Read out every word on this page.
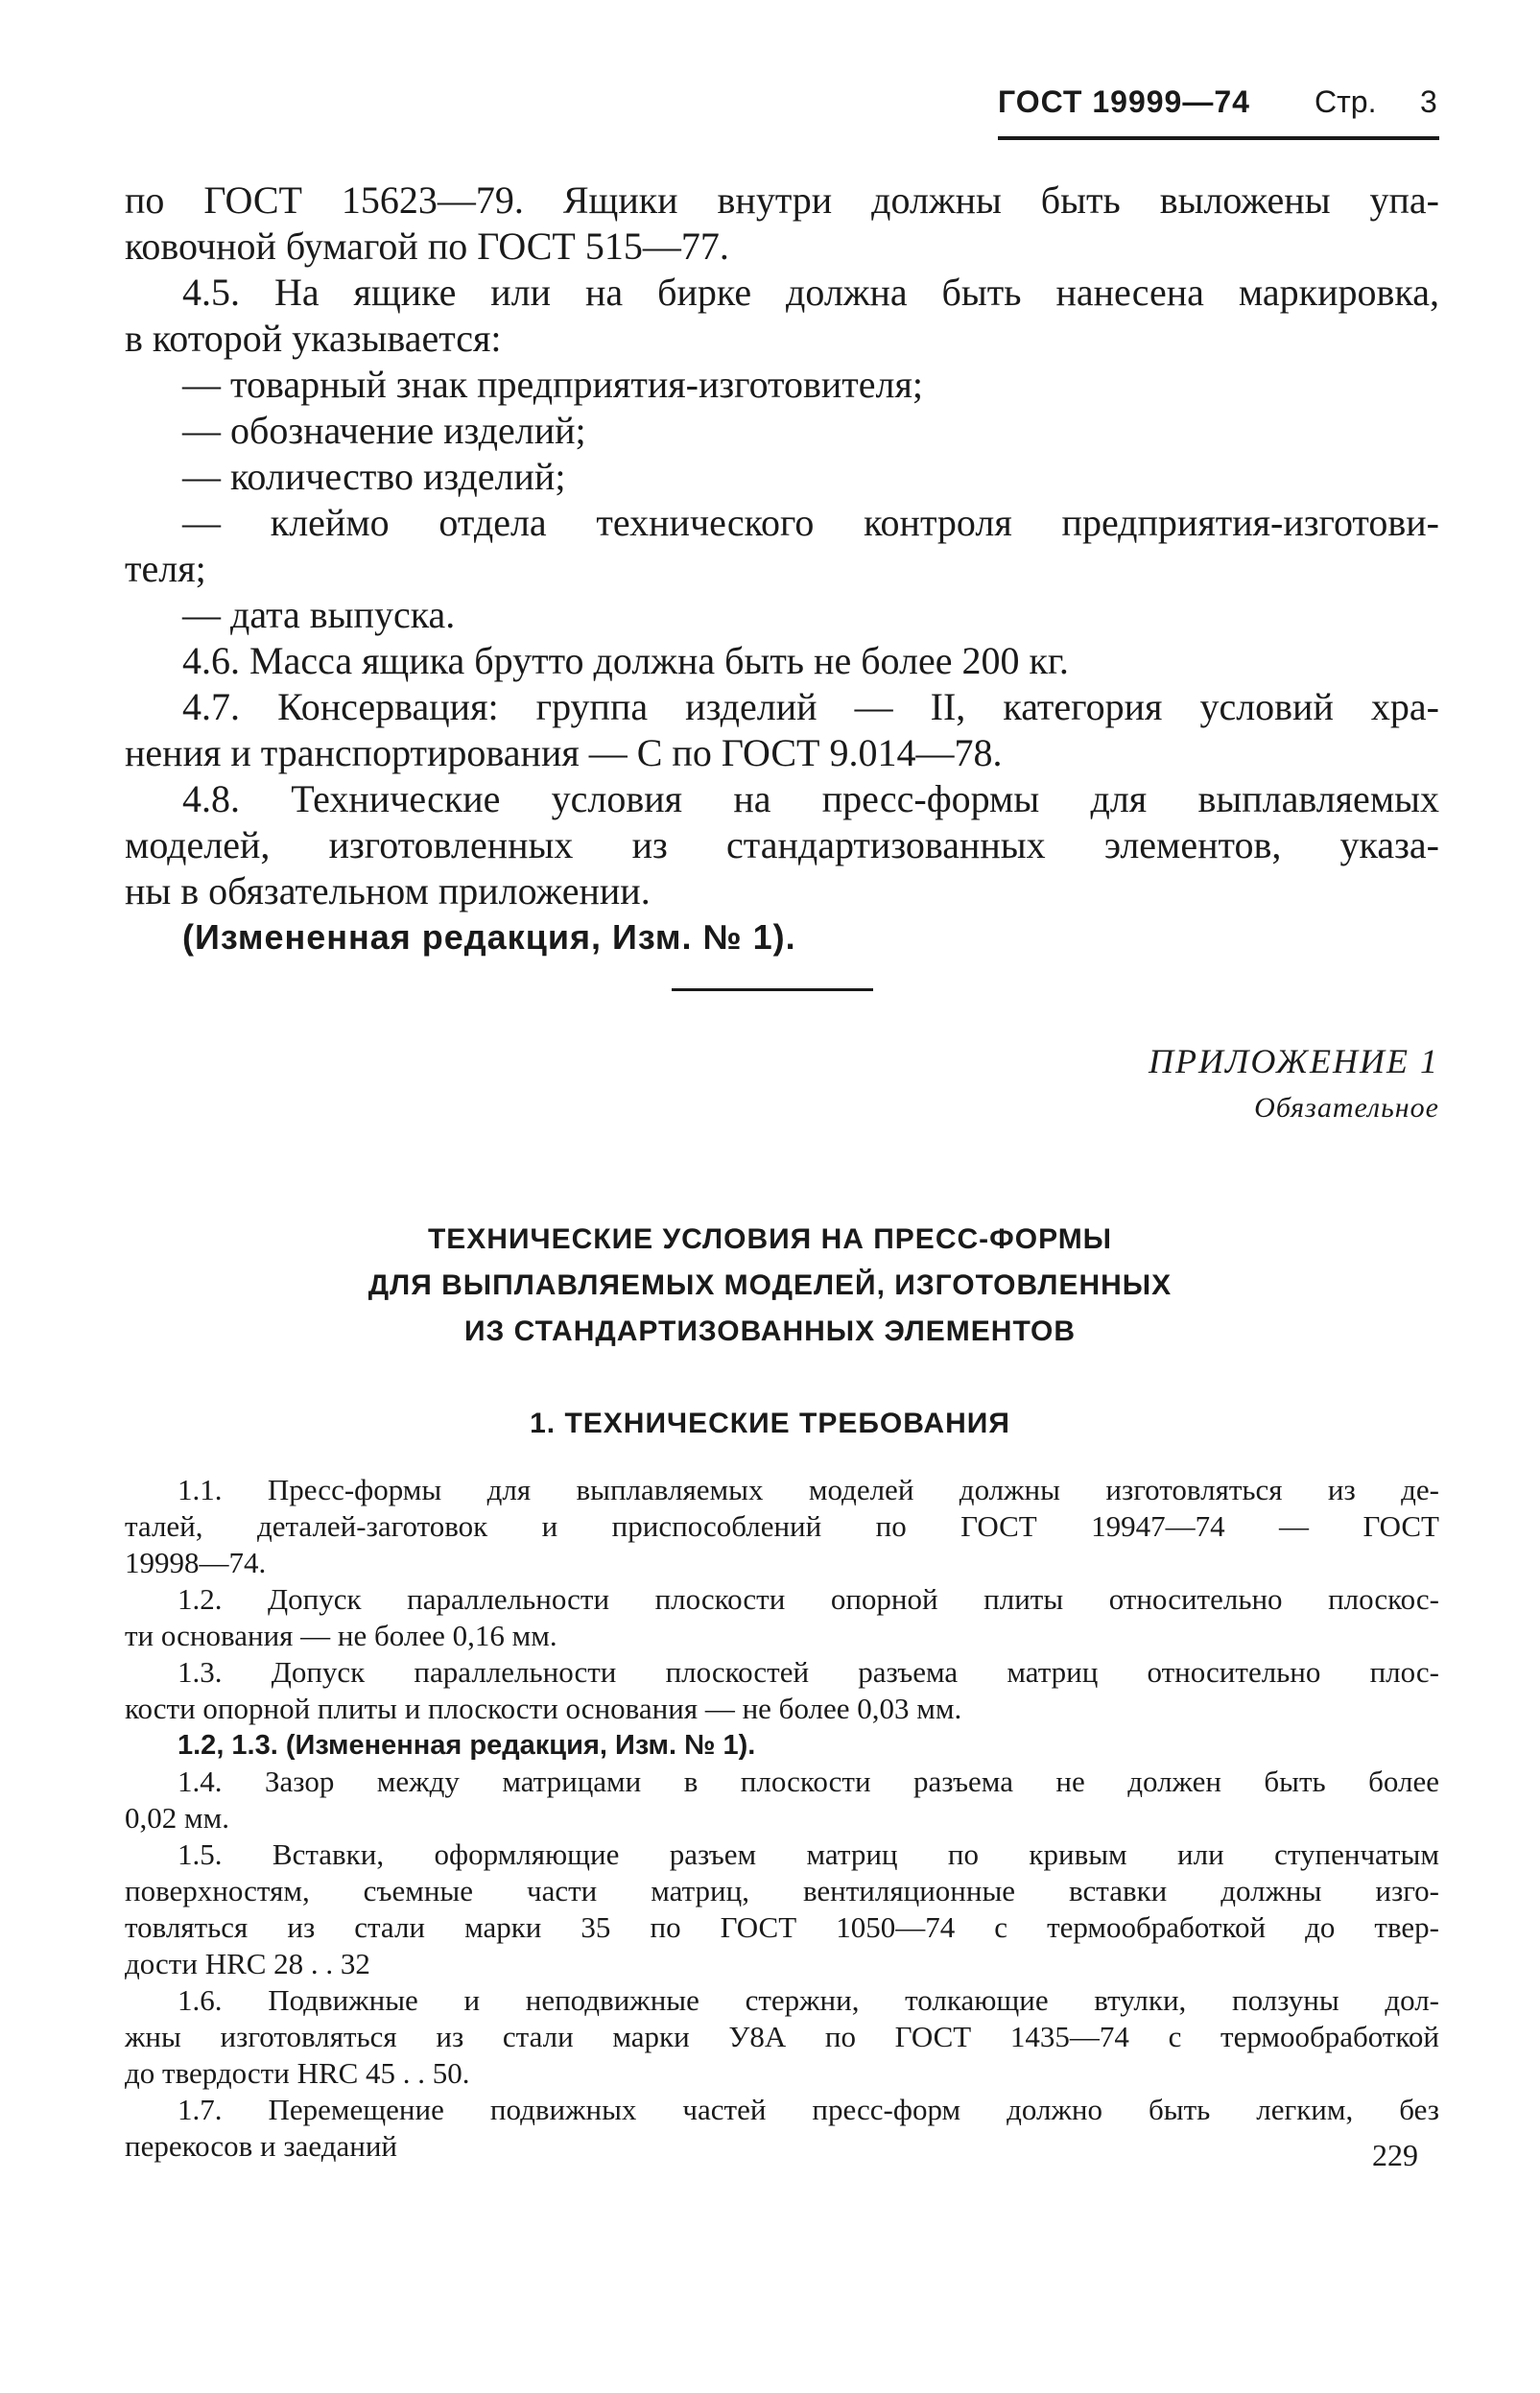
ГОСТ 19999—74 Стр. 3
по ГОСТ 15623—79. Ящики внутри должны быть выложены упа-
ковочной бумагой по ГОСТ 515—77.
4.5. На ящике или на бирке должна быть нанесена маркировка,
в которой указывается:
— товарный знак предприятия-изготовителя;
— обозначение изделий;
— количество изделий;
— клеймо отдела технического контроля предприятия-изготови-
теля;
— дата выпуска.
4.6. Масса ящика брутто должна быть не более 200 кг.
4.7. Консервация: группа изделий — II, категория условий хра-
нения и транспортирования — С по ГОСТ 9.014—78.
4.8. Технические условия на пресс-формы для выплавляемых
моделей, изготовленных из стандартизованных элементов, указа-
ны в обязательном приложении.
(Измененная редакция, Изм. № 1).
ПРИЛОЖЕНИЕ 1
Обязательное
ТЕХНИЧЕСКИЕ УСЛОВИЯ НА ПРЕСС-ФОРМЫ
ДЛЯ ВЫПЛАВЛЯЕМЫХ МОДЕЛЕЙ, ИЗГОТОВЛЕННЫХ
ИЗ СТАНДАРТИЗОВАННЫХ ЭЛЕМЕНТОВ
1. ТЕХНИЧЕСКИЕ ТРЕБОВАНИЯ
1.1. Пресс-формы для выплавляемых моделей должны изготовляться из де-
талей, деталей-заготовок и приспособлений по ГОСТ 19947—74 — ГОСТ
19998—74.
1.2. Допуск параллельности плоскости опорной плиты относительно плоскос-
ти основания — не более 0,16 мм.
1.3. Допуск параллельности плоскостей разъема матриц относительно плос-
кости опорной плиты и плоскости основания — не более 0,03 мм.
1.2, 1.3. (Измененная редакция, Изм. № 1).
1.4. Зазор между матрицами в плоскости разъема не должен быть более
0,02 мм.
1.5. Вставки, оформляющие разъем матриц по кривым или ступенчатым
поверхностям, съемные части матриц, вентиляционные вставки должны изго-
товляться из стали марки 35 по ГОСТ 1050—74 с термообработкой до твер-
дости HRC 28 . . 32
1.6. Подвижные и неподвижные стержни, толкающие втулки, ползуны дол-
жны изготовляться из стали марки У8А по ГОСТ 1435—74 с термообработкой
до твердости HRC 45 . . 50.
1.7. Перемещение подвижных частей пресс-форм должно быть легким, без
перекосов и заеданий	229
